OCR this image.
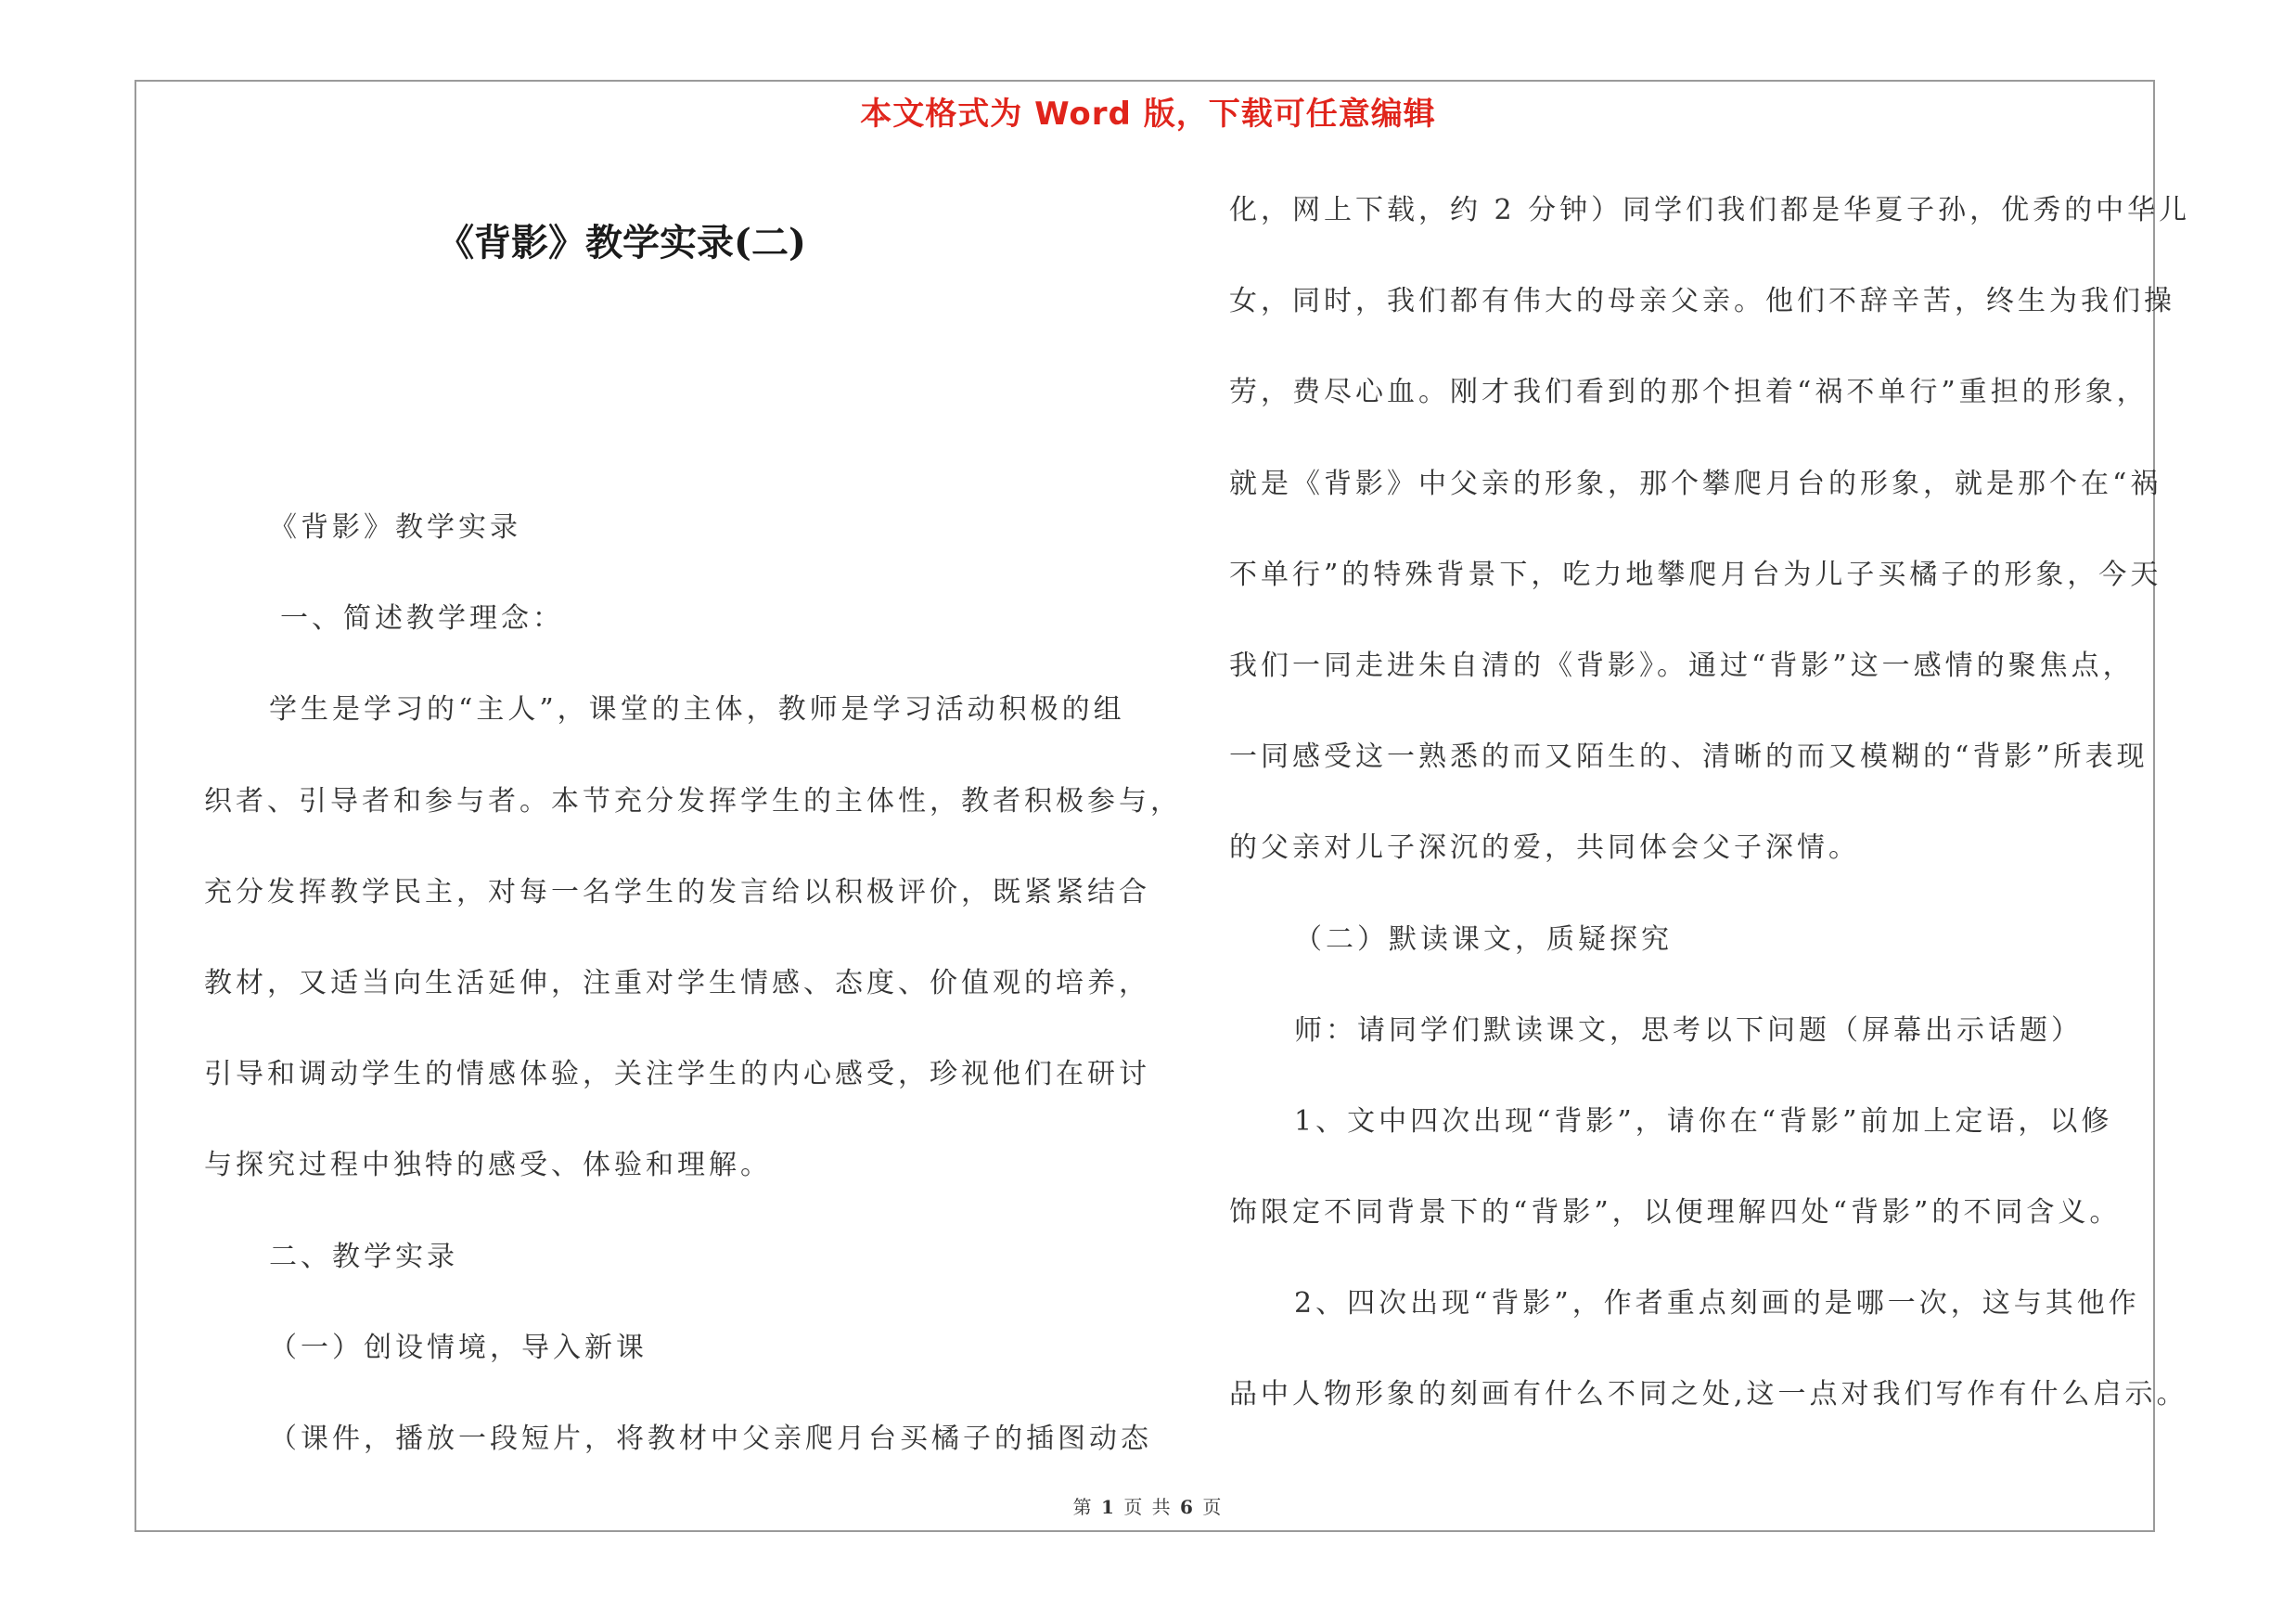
本文格式为 Word 版，下载可任意编辑
《背影》教学实录(二)
《背影》教学实录
一、简述教学理念：
学生是学习的“主人”，课堂的主体，教师是学习活动积极的组
织者、引导者和参与者。本节充分发挥学生的主体性，教者积极参与，
充分发挥教学民主，对每一名学生的发言给以积极评价，既紧紧结合
教材，又适当向生活延伸，注重对学生情感、态度、价值观的培养，
引导和调动学生的情感体验，关注学生的内心感受，珍视他们在研讨
与探究过程中独特的感受、体验和理解。
二、教学实录
（一）创设情境，导入新课
（课件，播放一段短片，将教材中父亲爬月台买橘子的插图动态
化，网上下载，约 2 分钟）同学们我们都是华夏子孙，优秀的中华儿
女，同时，我们都有伟大的母亲父亲。他们不辞辛苦，终生为我们操
劳，费尽心血。刚才我们看到的那个担着“祸不单行”重担的形象，
就是《背影》中父亲的形象，那个攀爬月台的形象，就是那个在“祸
不单行”的特殊背景下，吃力地攀爬月台为儿子买橘子的形象，今天
我们一同走进朱自清的《背影》。通过“背影”这一感情的聚焦点，
一同感受这一熟悉的而又陌生的、清晰的而又模糊的“背影”所表现
的父亲对儿子深沉的爱，共同体会父子深情。
（二）默读课文，质疑探究
师：请同学们默读课文，思考以下问题（屏幕出示话题）
1、文中四次出现“背影”，请你在“背影”前加上定语，以修
饰限定不同背景下的“背影”，以便理解四处“背影”的不同含义。
2、四次出现“背影”，作者重点刻画的是哪一次，这与其他作
品中人物形象的刻画有什么不同之处,这一点对我们写作有什么启示。
第 1 页 共 6 页
